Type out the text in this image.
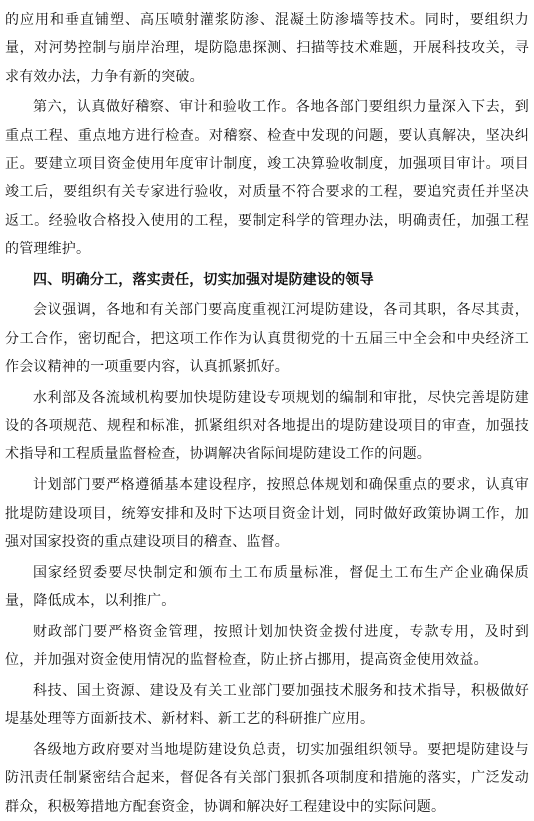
的应用和垂直铺塑、高压喷射灌浆防渗、混凝土防渗墙等技术。同时，要组织力量，对河势控制与崩岸治理，堤防隐患探测、扫描等技术难题，开展科技攻关，寻求有效办法，力争有新的突破。

第六，认真做好稽察、审计和验收工作。各地各部门要组织力量深入下去，到重点工程、重点地方进行检查。对稽察、检查中发现的问题，要认真解决，坚决纠正。要建立项目资金使用年度审计制度，竣工决算验收制度，加强项目审计。项目竣工后，要组织有关专家进行验收，对质量不符合要求的工程，要追究责任并坚决返工。经验收合格投入使用的工程，要制定科学的管理办法，明确责任，加强工程的管理维护。

四、明确分工，落实责任，切实加强对堤防建设的领导

会议强调，各地和有关部门要高度重视江河堤防建设，各司其职，各尽其责，分工合作，密切配合，把这项工作作为认真贯彻党的十五届三中全会和中央经济工作会议精神的一项重要内容，认真抓紧抓好。

水利部及各流域机构要加快堤防建设专项规划的编制和审批，尽快完善堤防建设的各项规范、规程和标准，抓紧组织对各地提出的堤防建设项目的审查，加强技术指导和工程质量监督检查，协调解决省际间堤防建设工作的问题。

计划部门要严格遵循基本建设程序，按照总体规划和确保重点的要求，认真审批堤防建设项目，统筹安排和及时下达项目资金计划，同时做好政策协调工作，加强对国家投资的重点建设项目的稽查、监督。

国家经贸委要尽快制定和颁布土工布质量标准，督促土工布生产企业确保质量，降低成本，以利推广。

财政部门要严格资金管理，按照计划加快资金拨付进度，专款专用，及时到位，并加强对资金使用情况的监督检查，防止挤占挪用，提高资金使用效益。

科技、国土资源、建设及有关工业部门要加强技术服务和技术指导，积极做好堤基处理等方面新技术、新材料、新工艺的科研推广应用。

各级地方政府要对当地堤防建设负总责，切实加强组织领导。要把堤防建设与防汛责任制紧密结合起来，督促各有关部门狠抓各项制度和措施的落实，广泛发动群众，积极筹措地方配套资金，协调和解决好工程建设中的实际问题。
